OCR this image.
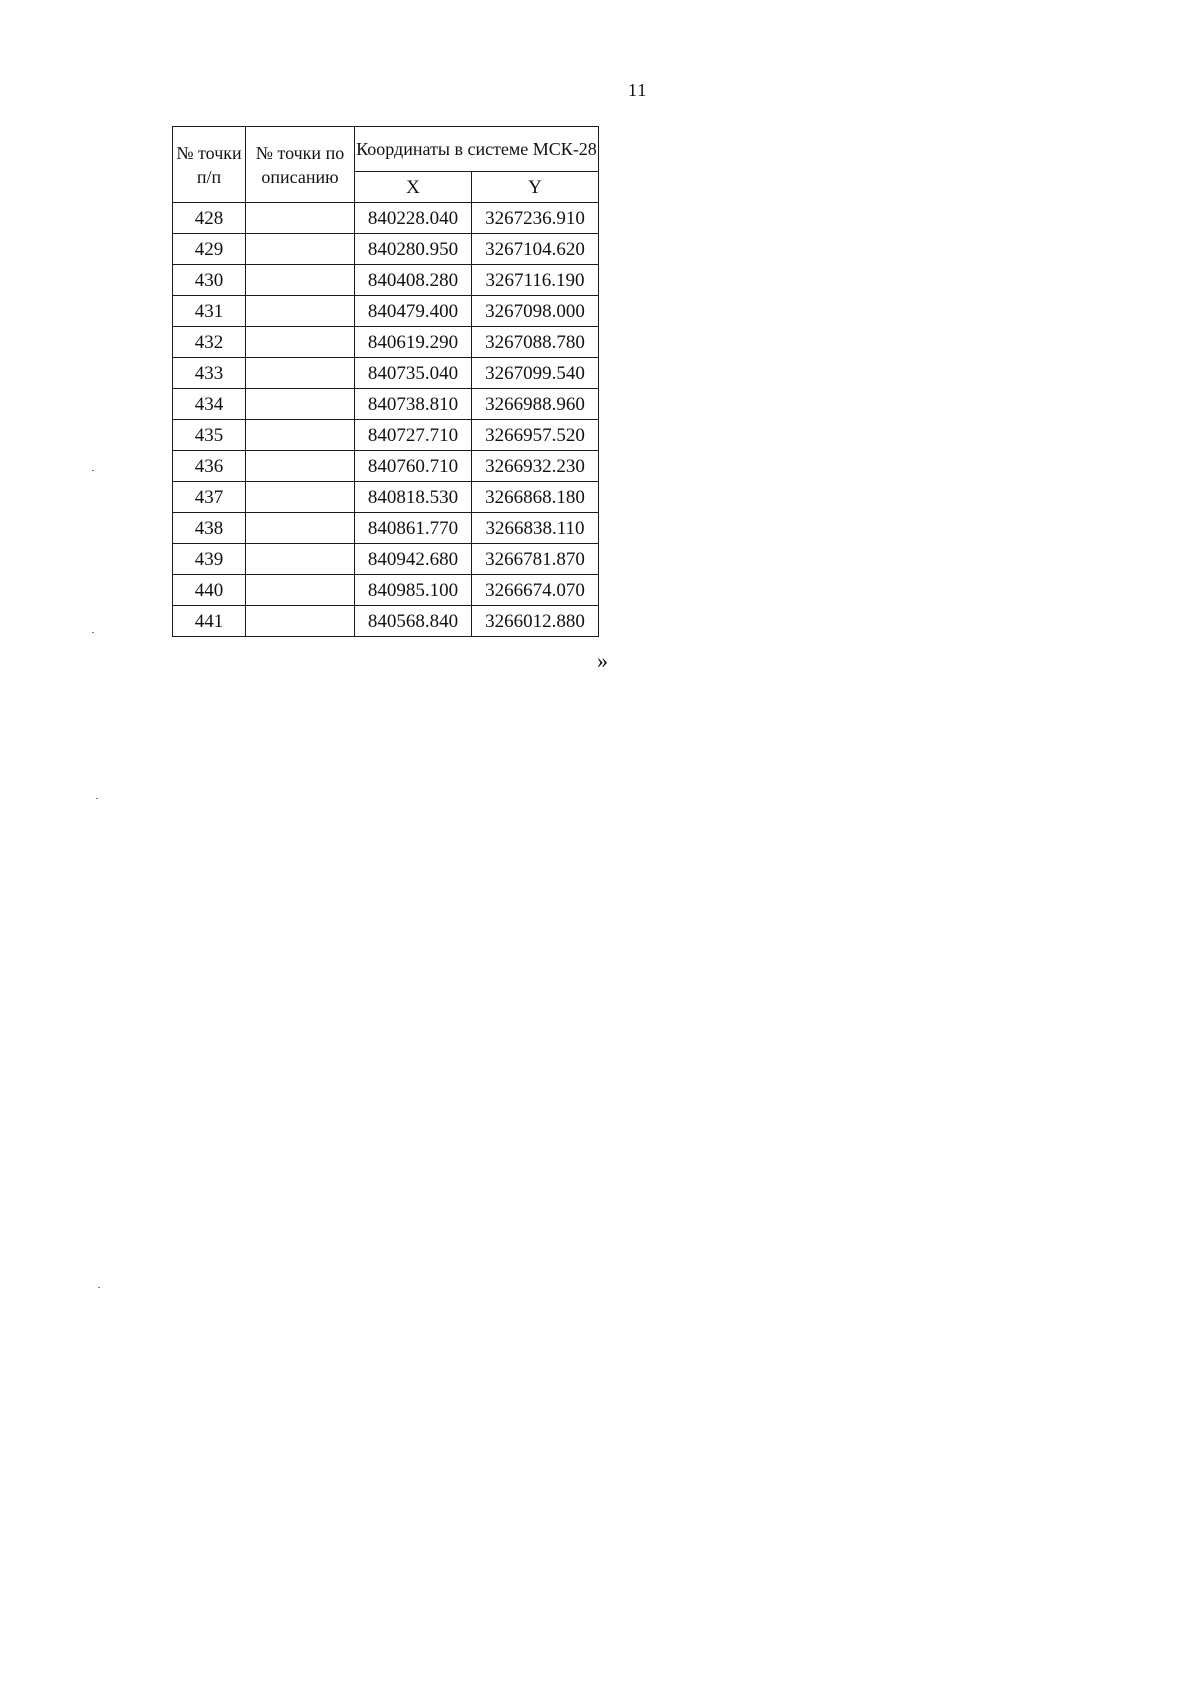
11
№ точки п/п	№ точки по описанию	Координаты в системе МСК-28	
		X	Y
428		840228.040	3267236.910
429		840280.950	3267104.620
430		840408.280	3267116.190
431		840479.400	3267098.000
432		840619.290	3267088.780
433		840735.040	3267099.540
434		840738.810	3266988.960
435		840727.710	3266957.520
436		840760.710	3266932.230
437		840818.530	3266868.180
438		840861.770	3266838.110
439		840942.680	3266781.870
440		840985.100	3266674.070
441		840568.840	3266012.880
»
